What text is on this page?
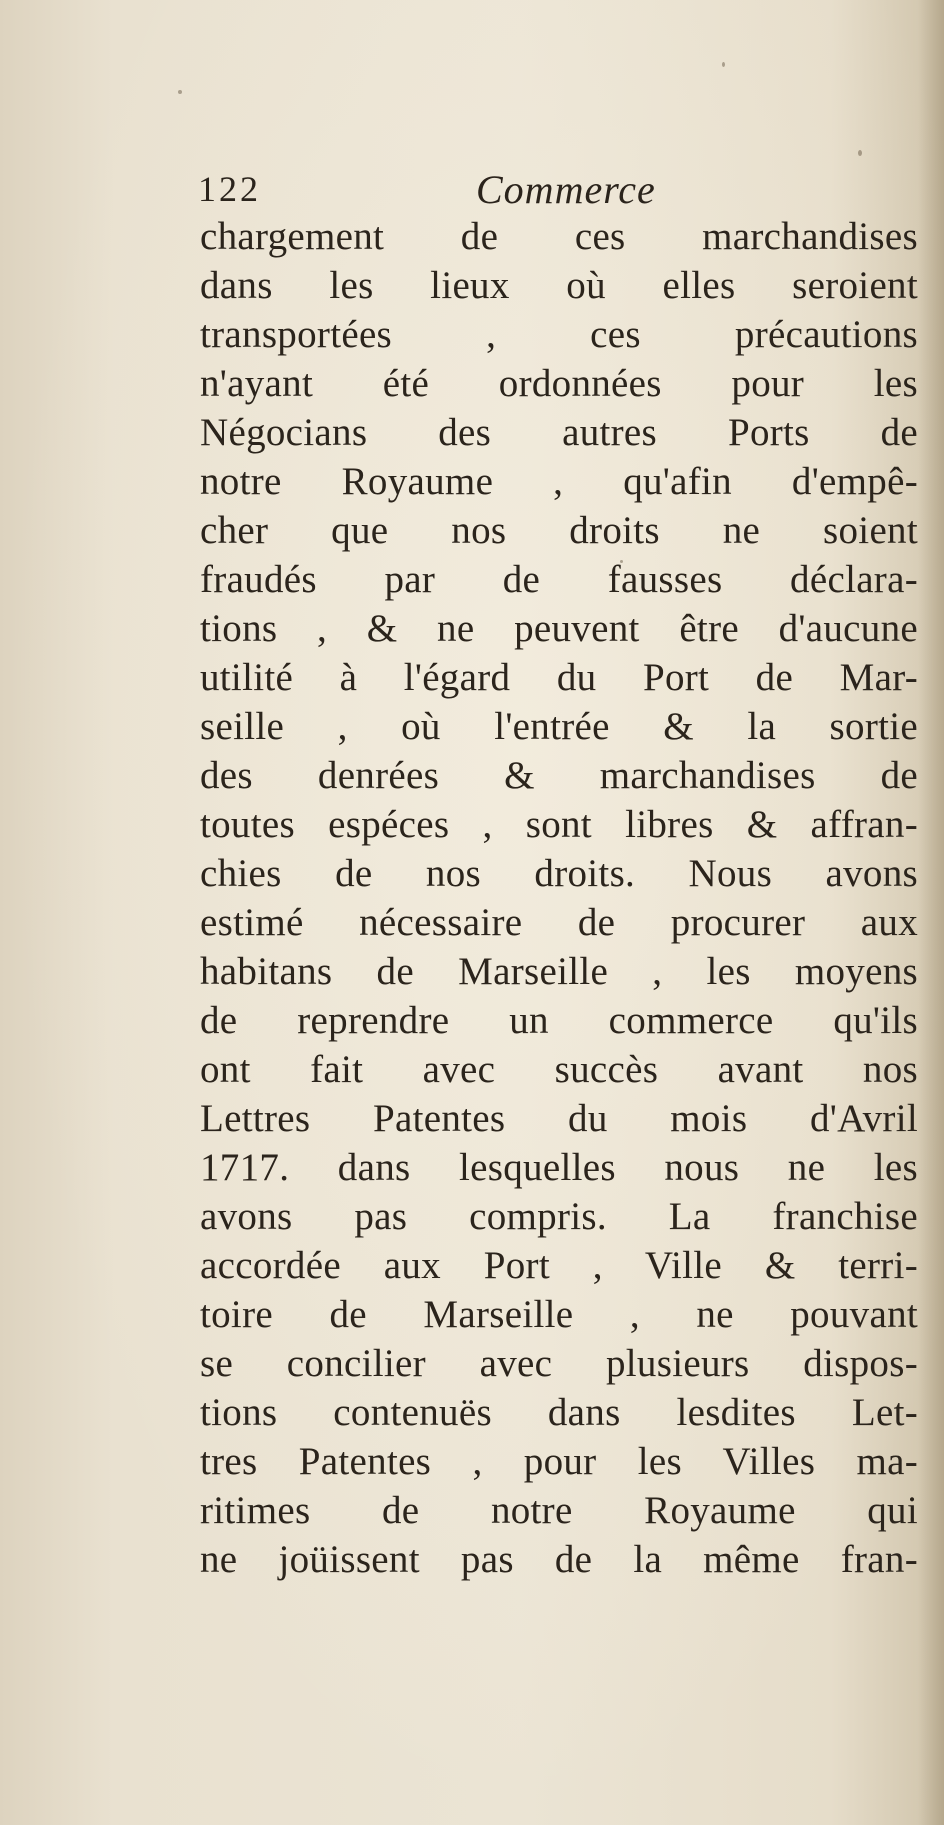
122	Commerce
chargement de ces marchandises
dans les lieux où elles seroient
transportées , ces précautions
n'ayant été ordonnées pour les
Négocians des autres Ports de
notre Royaume , qu'afin d'empê-
cher que nos droits ne soient
fraudés par de fausses déclara-
tions , & ne peuvent être d'aucune
utilité à l'égard du Port de Mar-
seille , où l'entrée & la sortie
des denrées & marchandises de
toutes espéces , sont libres & affran-
chies de nos droits. Nous avons
estimé nécessaire de procurer aux
habitans de Marseille , les moyens
de reprendre un commerce qu'ils
ont fait avec succès avant nos
Lettres Patentes du mois d'Avril
1717. dans lesquelles nous ne les
avons pas compris. La franchise
accordée aux Port , Ville & terri-
toire de Marseille , ne pouvant
se concilier avec plusieurs dispos-
tions contenuës dans lesdites Let-
tres Patentes , pour les Villes ma-
ritimes de notre Royaume qui
ne joüissent pas de la même fran-
